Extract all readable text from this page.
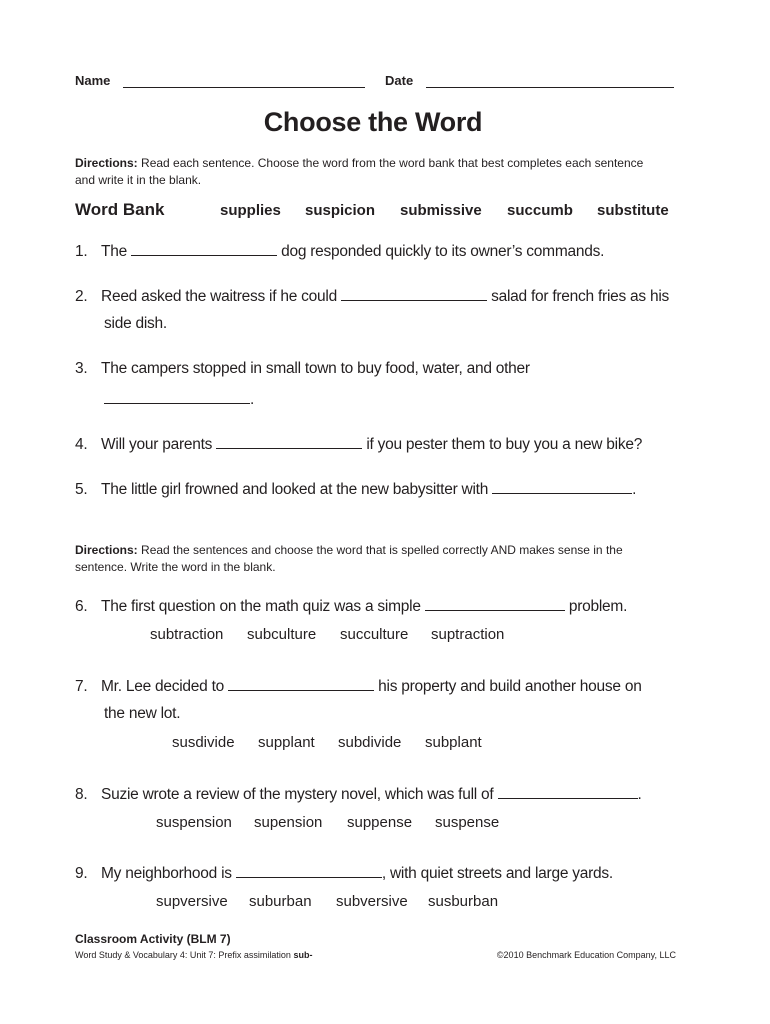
Name	Date
Choose the Word
Directions: Read each sentence. Choose the word from the word bank that best completes each sentence and write it in the blank.
Word Bank	supplies suspicion submissive succumb substitute
1. The	dog responded quickly to its owner’s commands.
2. Reed asked the waitress if he could	salad for french fries as his
side dish.
3. The campers stopped in small town to buy food, water, and other
.
4. Will your parents	if you pester them to buy you a new bike?
5. The little girl frowned and looked at the new babysitter with	.
Directions: Read the sentences and choose the word that is spelled correctly AND makes sense in the sentence. Write the word in the blank.
6. The first question on the math quiz was a simple	problem.
subtraction subculture succulture suptraction
7. Mr. Lee decided to	his property and build another house on
the new lot.
susdivide supplant subdivide subplant
8. Suzie wrote a review of the mystery novel, which was full of	.
suspension supension suppense suspense
9. My neighborhood is	, with quiet streets and large yards.
supversive suburban subversive susburban
Classroom Activity (BLM 7)
Word Study & Vocabulary 4: Unit 7: Prefix assimilation sub-	©2010 Benchmark Education Company, LLC
